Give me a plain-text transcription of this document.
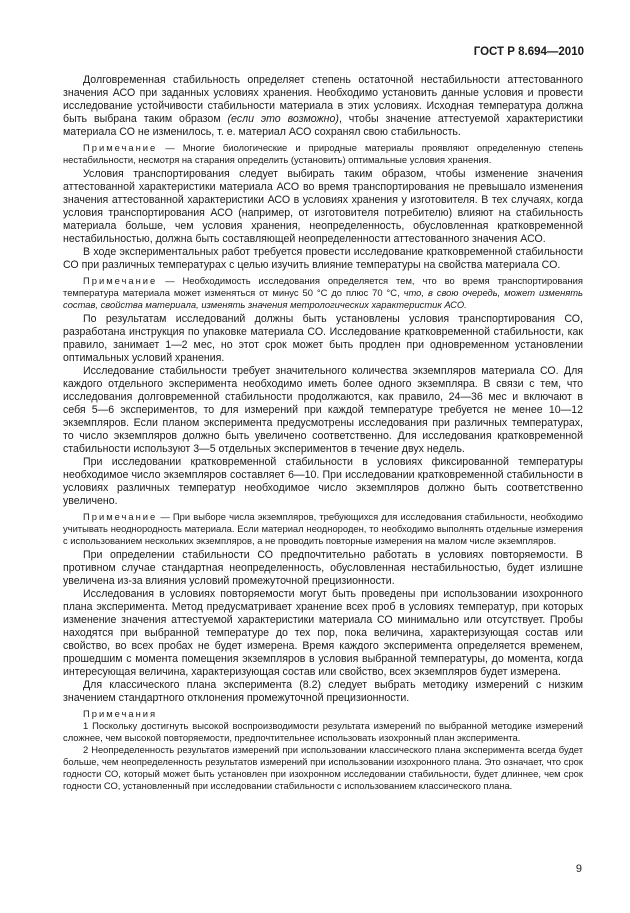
ГОСТ Р 8.694—2010

Долговременная стабильность определяет степень остаточной нестабильности аттестованного значения АСО при заданных условиях хранения. Необходимо установить данные условия и провести исследование устойчивости стабильности материала в этих условиях. Исходная температура должна быть выбрана таким образом (если это возможно), чтобы значение аттестуемой характеристики материала СО не изменилось, т. е. материал АСО сохранял свою стабильность.

Примечание — Многие биологические и природные материалы проявляют определенную степень нестабильности, несмотря на старания определить (установить) оптимальные условия хранения.

Условия транспортирования следует выбирать таким образом, чтобы изменение значения аттестованной характеристики материала АСО во время транспортирования не превышало изменения значения аттестованной характеристики АСО в условиях хранения у изготовителя. В тех случаях, когда условия транспортирования АСО (например, от изготовителя потребителю) влияют на стабильность материала больше, чем условия хранения, неопределенность, обусловленная кратковременной нестабильностью, должна быть составляющей неопределенности аттестованного значения АСО.

В ходе экспериментальных работ требуется провести исследование кратковременной стабильности СО при различных температурах с целью изучить влияние температуры на свойства материала СО.

Примечание — Необходимость исследования определяется тем, что во время транспортирования температура материала может изменяться от минус 50 °С до плюс 70 °С, что, в свою очередь, может изменять состав, свойства материала, изменять значения метрологических характеристик АСО.

По результатам исследований должны быть установлены условия транспортирования СО, разработана инструкция по упаковке материала СО. Исследование кратковременной стабильности, как правило, занимает 1—2 мес, но этот срок может быть продлен при одновременном установлении оптимальных условий хранения.

Исследование стабильности требует значительного количества экземпляров материала СО. Для каждого отдельного эксперимента необходимо иметь более одного экземпляра. В связи с тем, что исследования долговременной стабильности продолжаются, как правило, 24—36 мес и включают в себя 5—6 экспериментов, то для измерений при каждой температуре требуется не менее 10—12 экземпляров. Если планом эксперимента предусмотрены исследования при различных температурах, то число экземпляров должно быть увеличено соответственно. Для исследования кратковременной стабильности используют 3—5 отдельных экспериментов в течение двух недель.

При исследовании кратковременной стабильности в условиях фиксированной температуры необходимое число экземпляров составляет 6—10. При исследовании кратковременной стабильности в условиях различных температур необходимое число экземпляров должно быть соответственно увеличено.

Примечание — При выборе числа экземпляров, требующихся для исследования стабильности, необходимо учитывать неоднородность материала. Если материал неоднороден, то необходимо выполнять отдельные измерения с использованием нескольких экземпляров, а не проводить повторные измерения на малом числе экземпляров.

При определении стабильности СО предпочтительно работать в условиях повторяемости. В противном случае стандартная неопределенность, обусловленная нестабильностью, будет излишне увеличена из-за влияния условий промежуточной прецизионности.

Исследования в условиях повторяемости могут быть проведены при использовании изохронного плана эксперимента. Метод предусматривает хранение всех проб в условиях температур, при которых изменение значения аттестуемой характеристики материала СО минимально или отсутствует. Пробы находятся при выбранной температуре до тех пор, пока величина, характеризующая состав или свойство, во всех пробах не будет измерена. Время каждого эксперимента определяется временем, прошедшим с момента помещения экземпляров в условия выбранной температуры, до момента, когда интересующая величина, характеризующая состав или свойство, всех экземпляров будет измерена.

Для классического плана эксперимента (8.2) следует выбрать методику измерений с низким значением стандартного отклонения промежуточной прецизионности.

Примечания

1 Поскольку достигнуть высокой воспроизводимости результата измерений по выбранной методике измерений сложнее, чем высокой повторяемости, предпочтительнее использовать изохронный план эксперимента.

2 Неопределенность результатов измерений при использовании классического плана эксперимента всегда будет больше, чем неопределенность результатов измерений при использовании изохронного плана. Это означает, что срок годности СО, который может быть установлен при изохронном исследовании стабильности, будет длиннее, чем срок годности СО, установленный при исследовании стабильности с использованием классического плана.

9
